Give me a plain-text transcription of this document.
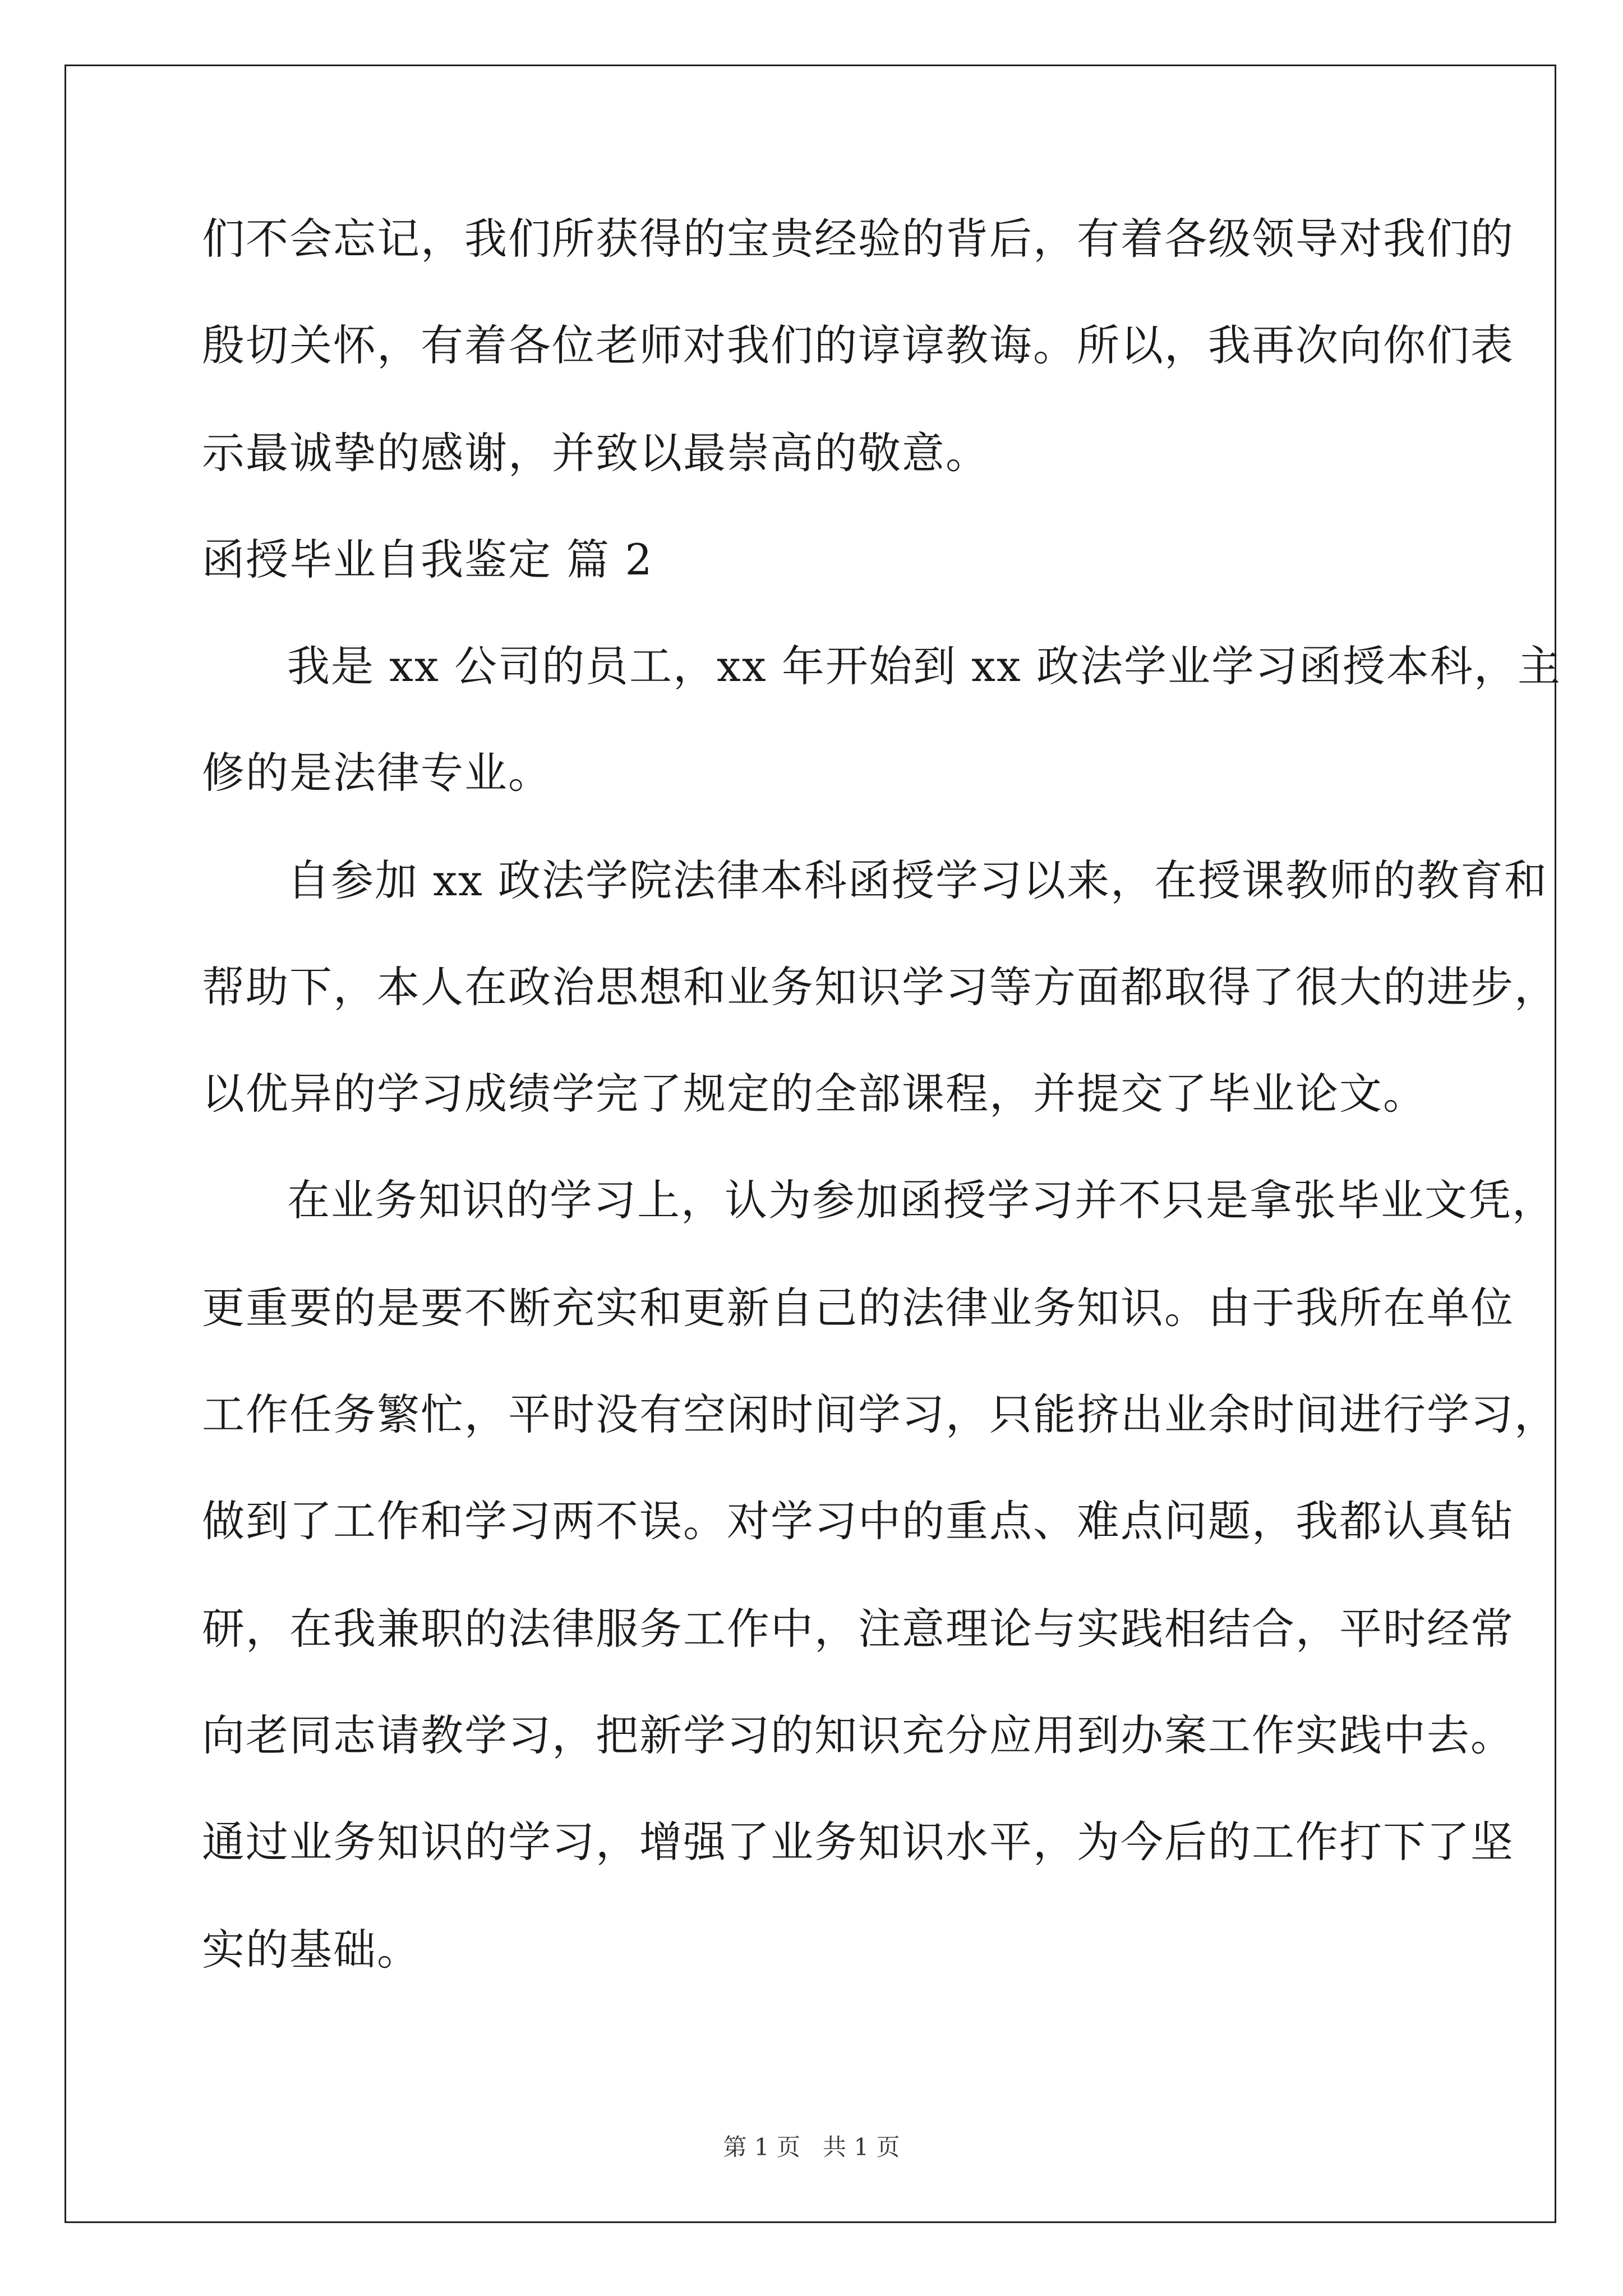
们不会忘记，我们所获得的宝贵经验的背后，有着各级领导对我们的
殷切关怀，有着各位老师对我们的谆谆教诲。所以，我再次向你们表
示最诚挚的感谢，并致以最崇高的敬意。
函授毕业自我鉴定 篇 2
我是 xx 公司的员工，xx 年开始到 xx 政法学业学习函授本科，主
修的是法律专业。
自参加 xx 政法学院法律本科函授学习以来，在授课教师的教育和
帮助下，本人在政治思想和业务知识学习等方面都取得了很大的进步，
以优异的学习成绩学完了规定的全部课程，并提交了毕业论文。
在业务知识的学习上，认为参加函授学习并不只是拿张毕业文凭，
更重要的是要不断充实和更新自己的法律业务知识。由于我所在单位
工作任务繁忙，平时没有空闲时间学习，只能挤出业余时间进行学习，
做到了工作和学习两不误。对学习中的重点、难点问题，我都认真钻
研，在我兼职的法律服务工作中，注意理论与实践相结合，平时经常
向老同志请教学习，把新学习的知识充分应用到办案工作实践中去。
通过业务知识的学习，增强了业务知识水平，为今后的工作打下了坚
实的基础。
第 1 页   共 1 页
